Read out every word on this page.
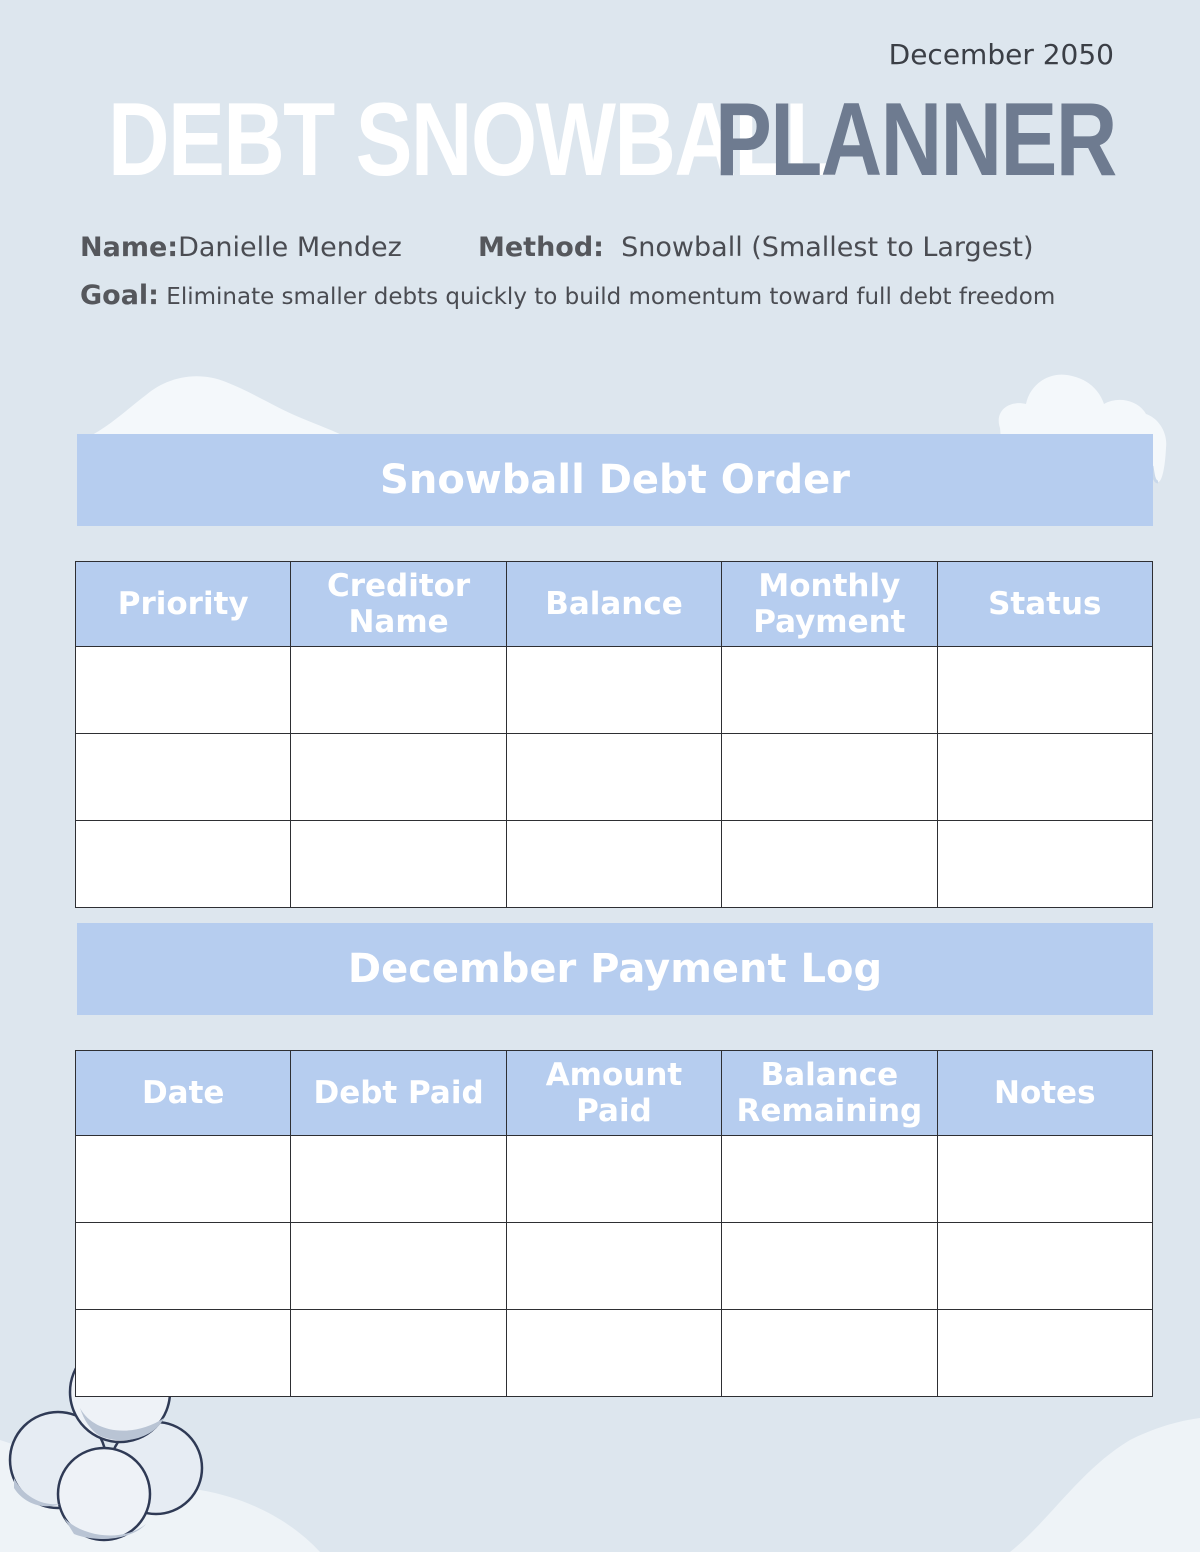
December 2050
DEBT SNOWBALL
PLANNER
Name:Danielle Mendez	Method: Snowball (Smallest to Largest)
Goal: Eliminate smaller debts quickly to build momentum toward full debt freedom
Snowball Debt Order
Priority	Creditor Name	Balance	Monthly Payment	Status

December Payment Log
Date	Debt Paid	Amount Paid	Balance Remaining	Notes
